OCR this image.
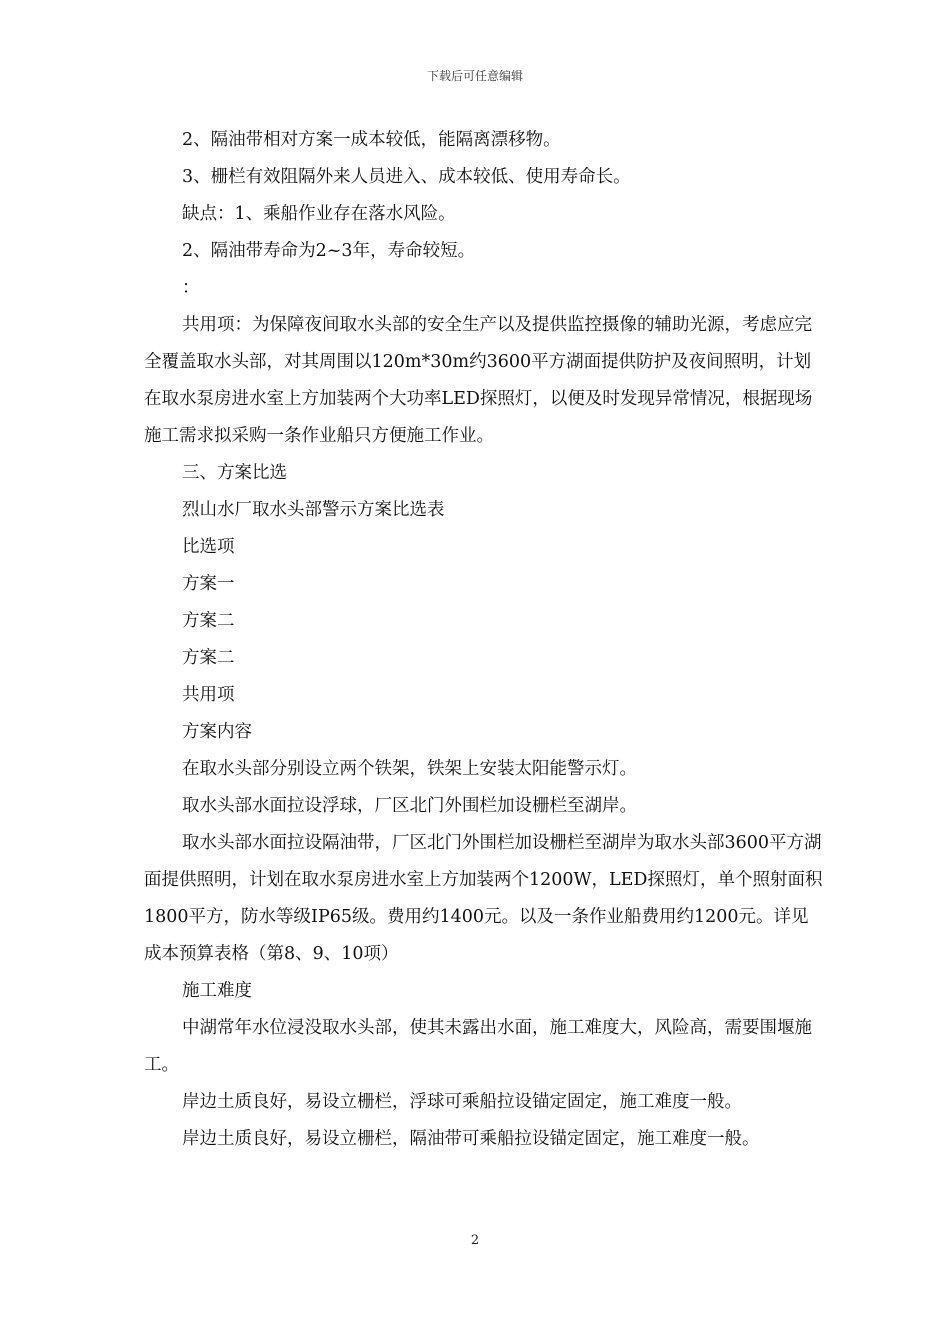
下载后可任意编辑

2、隔油带相对方案一成本较低，能隔离漂移物。

3、栅栏有效阻隔外来人员进入、成本较低、使用寿命长。

缺点：1、乘船作业存在落水风险。

2、隔油带寿命为2~3年，寿命较短。

：

共用项：为保障夜间取水头部的安全生产以及提供监控摄像的辅助光源，考虑应完全覆盖取水头部，对其周围以120m*30m约3600平方湖面提供防护及夜间照明，计划在取水泵房进水室上方加装两个大功率LED探照灯，以便及时发现异常情况，根据现场施工需求拟采购一条作业船只方便施工作业。

三、方案比选

烈山水厂取水头部警示方案比选表

比选项

方案一

方案二

方案二

共用项

方案内容

在取水头部分别设立两个铁架，铁架上安装太阳能警示灯。

取水头部水面拉设浮球，厂区北门外围栏加设栅栏至湖岸。

取水头部水面拉设隔油带，厂区北门外围栏加设栅栏至湖岸为取水头部3600平方湖面提供照明，计划在取水泵房进水室上方加装两个1200W，LED探照灯，单个照射面积1800平方，防水等级IP65级。费用约1400元。以及一条作业船费用约1200元。详见成本预算表格（第8、9、10项）

施工难度

中湖常年水位浸没取水头部，使其未露出水面，施工难度大，风险高，需要围堰施工。

岸边土质良好，易设立栅栏，浮球可乘船拉设锚定固定，施工难度一般。

岸边土质良好，易设立栅栏，隔油带可乘船拉设锚定固定，施工难度一般。

2
